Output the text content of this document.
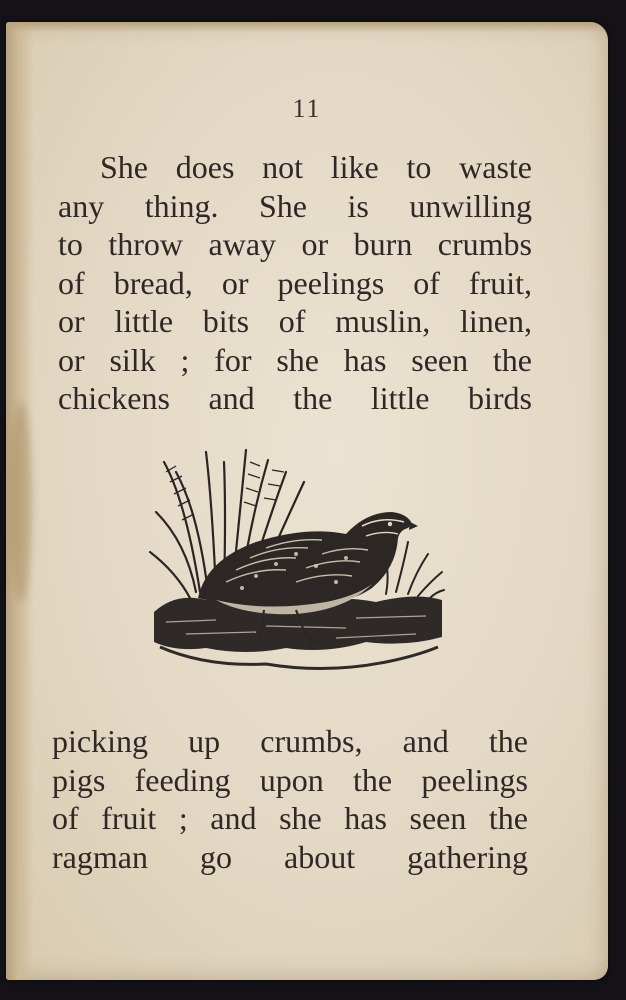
11
She does not like to waste
any thing. She is unwilling
to throw away or burn crumbs
of bread, or peelings of fruit,
or little bits of muslin, linen,
or silk ; for she has seen the
chickens and the little birds
picking up crumbs, and the
pigs feeding upon the peelings
of fruit ; and she has seen the
ragman go about gathering
